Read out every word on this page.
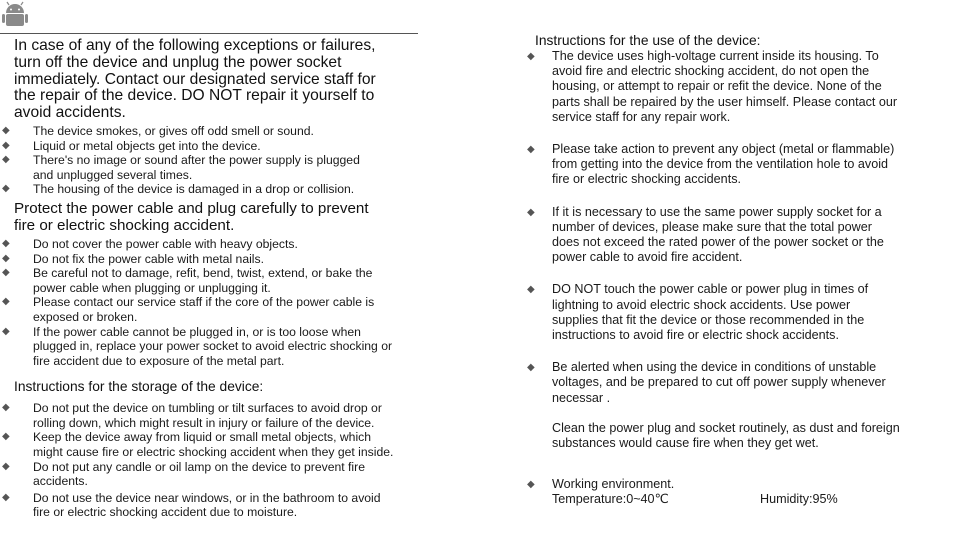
In case of any of the following exceptions or failures,
turn off the device and unplug the power socket
immediately. Contact our designated service staff for
the repair of the device. DO NOT repair it yourself to
avoid accidents.
◆ The device smokes, or gives off odd smell or sound.
◆ Liquid or metal objects get into the device.
◆ There's no image or sound after the power supply is plugged
and unplugged several times.
◆ The housing of the device is damaged in a drop or collision.
Protect the power cable and plug carefully to prevent
fire or electric shocking accident.
◆ Do not cover the power cable with heavy objects.
◆ Do not fix the power cable with metal nails.
◆ Be careful not to damage, refit, bend, twist, extend, or bake the
power cable when plugging or unplugging it.
◆ Please contact our service staff if the core of the power cable is
exposed or broken.
◆ If the power cable cannot be plugged in, or is too loose when
plugged in, replace your power socket to avoid electric shocking or
fire accident due to exposure of the metal part.
Instructions for the storage of the device:
◆ Do not put the device on tumbling or tilt surfaces to avoid drop or
rolling down, which might result in injury or failure of the device.
◆ Keep the device away from liquid or small metal objects, which
might cause fire or electric shocking accident when they get inside.
◆ Do not put any candle or oil lamp on the device to prevent fire
accidents.
◆ Do not use the device near windows, or in the bathroom to avoid
fire or electric shocking accident due to moisture.
Instructions for the use of the device:
◆ The device uses high-voltage current inside its housing. To
avoid fire and electric shocking accident, do not open the
housing, or attempt to repair or refit the device. None of the
parts shall be repaired by the user himself. Please contact our
service staff for any repair work.
◆ Please take action to prevent any object (metal or flammable)
from getting into the device from the ventilation hole to avoid
fire or electric shocking accidents.
◆ If it is necessary to use the same power supply socket for a
number of devices, please make sure that the total power
does not exceed the rated power of the power socket or the
power cable to avoid fire accident.
◆ DO NOT touch the power cable or power plug in times of
lightning to avoid electric shock accidents. Use power
supplies that fit the device or those recommended in the
instructions to avoid fire or electric shock accidents.
◆ Be alerted when using the device in conditions of unstable
voltages, and be prepared to cut off power supply whenever
necessar .
Clean the power plug and socket routinely, as dust and foreign
substances would cause fire when they get wet.
◆ Working environment.
Temperature:0~40℃	Humidity:95%
